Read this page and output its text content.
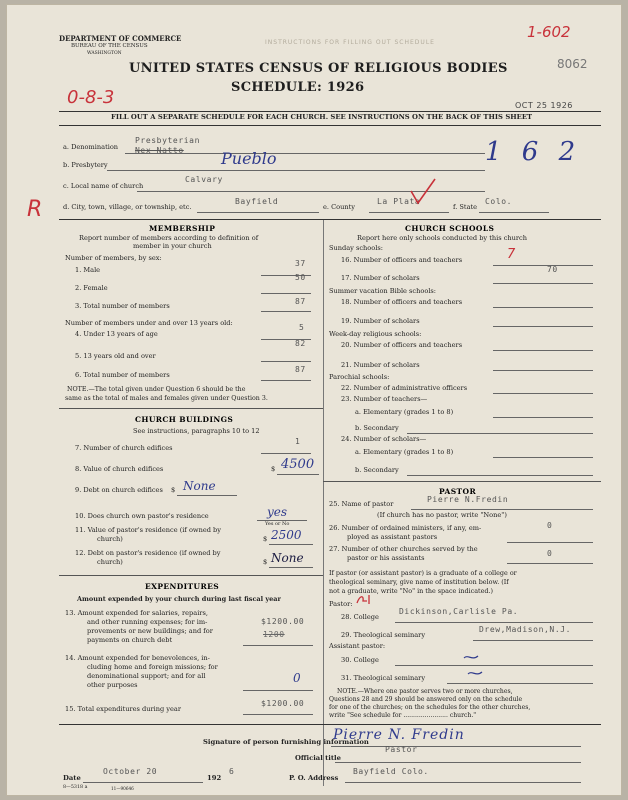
DEPARTMENT OF COMMERCE
BUREAU OF THE CENSUS
WASHINGTON
INSTRUCTIONS FOR FILLING OUT SCHEDULE
1-602
8062
UNITED STATES CENSUS OF RELIGIOUS BODIES
SCHEDULE: 1926
0-8-3	OCT 25 1926
FILL OUT A SEPARATE SCHEDULE FOR EACH CHURCH. SEE INSTRUCTIONS ON THE BACK OF THIS SHEET
a. Denomination
Presbyterian
Nex Natto	1 6 2
b. Presbytery	Pueblo
c. Local name of church
Calvary
R	d. City, town, village, or township, etc.
Bayfield
e. County
La Plata
f. State
Colo.
MEMBERSHIP
Report number of members according to definition of
member in your church
Number of members, by sex:
1. Male
37
2. Female
50
3. Total number of members	87
Number of members under and over 13 years old:
4. Under 13 years of age
5
5. 13 years old and over
82
6. Total number of members
87
NOTE.—The total given under Question 6 should be the
same as the total of males and females given under Question 3.
CHURCH BUILDINGS
See instructions, paragraphs 10 to 12
7. Number of church edifices
1
8. Value of church edifices	$ 4500
9. Debt on church edifices $ None
10. Does church own pastor's residence	yes
Yes or No
11. Value of pastor's residence (if owned by
church)	$ 2500
12. Debt on pastor's residence (if owned by
church)	$ None
EXPENDITURES
Amount expended by your church during last fiscal year
13. Amount expended for salaries, repairs,
and other running expenses; for im-
provements or new buildings; and for
payments on church debt
$1200.00
1200
14. Amount expended for benevolences, in-
cluding home and foreign missions; for
denominational support; and for all
other purposes	0
15. Total expenditures during year
$1200.00
CHURCH SCHOOLS
Report here only schools conducted by this church
Sunday schools:
16. Number of officers and teachers	7
17. Number of scholars
70
Summer vacation Bible schools:
18. Number of officers and teachers
19. Number of scholars
Week-day religious schools:
20. Number of officers and teachers
21. Number of scholars
Parochial schools:
22. Number of administrative officers
23. Number of teachers—
a. Elementary (grades 1 to 8)
b. Secondary
24. Number of scholars—
a. Elementary (grades 1 to 8)
b. Secondary
PASTOR
25. Name of pastor	Pierre N.Fredin
(If church has no pastor, write "None")
26. Number of ordained ministers, if any, em-
ployed as assistant pastors
0
27. Number of other churches served by the
pastor or his assistants	0
If pastor (or assistant pastor) is a graduate of a college or
theological seminary, give name of institution below. (If
not a graduate, write "No" in the space indicated.)
Pastor:
28. College
Dickinson,Carlisle Pa.
29. Theological seminary
Drew,Madison,N.J.
Assistant pastor:
30. College
31. Theological seminary
NOTE.—Where one pastor serves two or more churches,
Questions 28 and 29 should be answered only on the schedule
for one of the churches; on the schedules for the other churches,
write "See schedule for ....................... church."
Signature of person furnishing information
Pierre N. Fredin
Official title
Pastor
Date
October 20
192
6
P. O. Address
Bayfield Colo.
8—5318 a	11—90646
